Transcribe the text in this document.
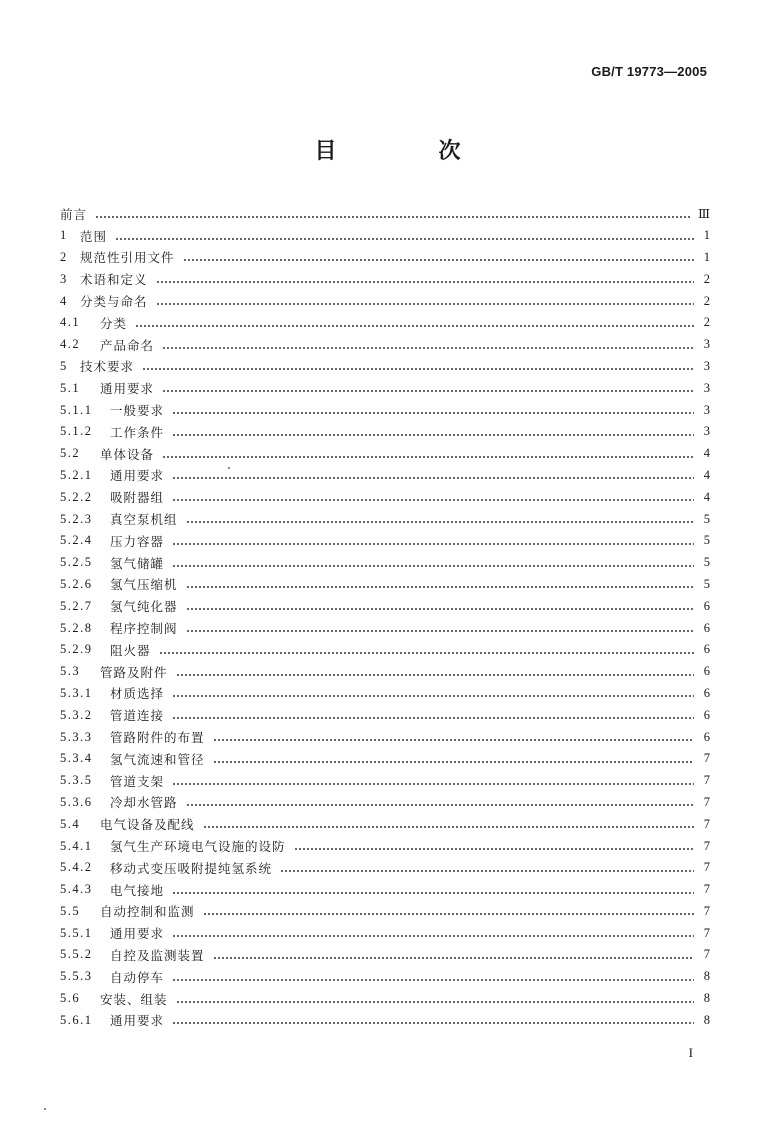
GB/T 19773—2005
目　次
前言	Ⅲ
1 范围	1
2 规范性引用文件	1
3 术语和定义	2
4 分类与命名	2
4.1	分类	2
4.2	产品命名	3
5 技术要求	3
5.1	通用要求	3
5.1.1	一般要求	3
5.1.2	工作条件	3
5.2	单体设备	4
5.2.1	通用要求	4
5.2.2	吸附器组	4
5.2.3	真空泵机组	5
5.2.4	压力容器	5
5.2.5	氢气储罐	5
5.2.6	氢气压缩机	5
5.2.7	氢气纯化器	6
5.2.8	程序控制阀	6
5.2.9	阻火器	6
5.3	管路及附件	6
5.3.1	材质选择	6
5.3.2	管道连接	6
5.3.3	管路附件的布置	6
5.3.4	氢气流速和管径	7
5.3.5	管道支架	7
5.3.6	冷却水管路	7
5.4	电气设备及配线	7
5.4.1	氢气生产环境电气设施的设防	7
5.4.2	移动式变压吸附提纯氢系统	7
5.4.3	电气接地	7
5.5	自动控制和监测	7
5.5.1	通用要求	7
5.5.2	自控及监测装置	7
5.5.3	自动停车	8
5.6	安装、组装	8
5.6.1	通用要求	8
I
